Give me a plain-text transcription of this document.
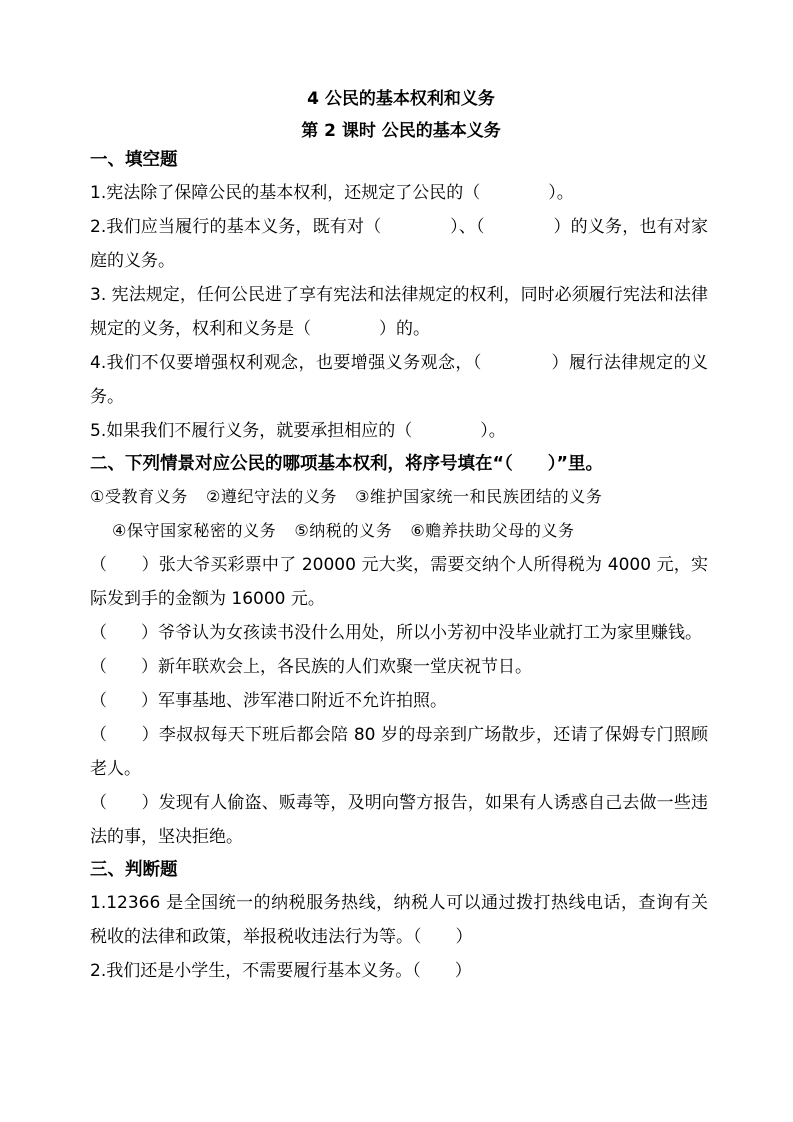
4 公民的基本权利和义务
第 2 课时 公民的基本义务
一、填空题
1.宪法除了保障公民的基本权利，还规定了公民的（　　　　）。
2.我们应当履行的基本义务，既有对（　　　　）、（　　　　）的义务，也有对家庭的义务。
3. 宪法规定，任何公民进了享有宪法和法律规定的权利，同时必须履行宪法和法律规定的义务，权利和义务是（　　　　）的。
4.我们不仅要增强权利观念，也要增强义务观念，（　　　　）履行法律规定的义务。
5.如果我们不履行义务，就要承担相应的（　　　　）。
二、下列情景对应公民的哪项基本权利，将序号填在“（　　）”里。
①受教育义务 ②遵纪守法的义务 ③维护国家统一和民族团结的义务
④保守国家秘密的义务 ⑤纳税的义务 ⑥赡养扶助父母的义务
（　　）张大爷买彩票中了 20000 元大奖，需要交纳个人所得税为 4000 元，实际发到手的金额为 16000 元。
（　　）爷爷认为女孩读书没什么用处，所以小芳初中没毕业就打工为家里赚钱。
（　　）新年联欢会上，各民族的人们欢聚一堂庆祝节日。
（　　）军事基地、涉军港口附近不允许拍照。
（　　）李叔叔每天下班后都会陪 80 岁的母亲到广场散步，还请了保姆专门照顾老人。
（　　）发现有人偷盗、贩毒等，及明向警方报告，如果有人诱惑自己去做一些违法的事，坚决拒绝。
三、判断题
1.12366 是全国统一的纳税服务热线，纳税人可以通过拨打热线电话，查询有关税收的法律和政策，举报税收违法行为等。（　　）
2.我们还是小学生，不需要履行基本义务。（　　）
